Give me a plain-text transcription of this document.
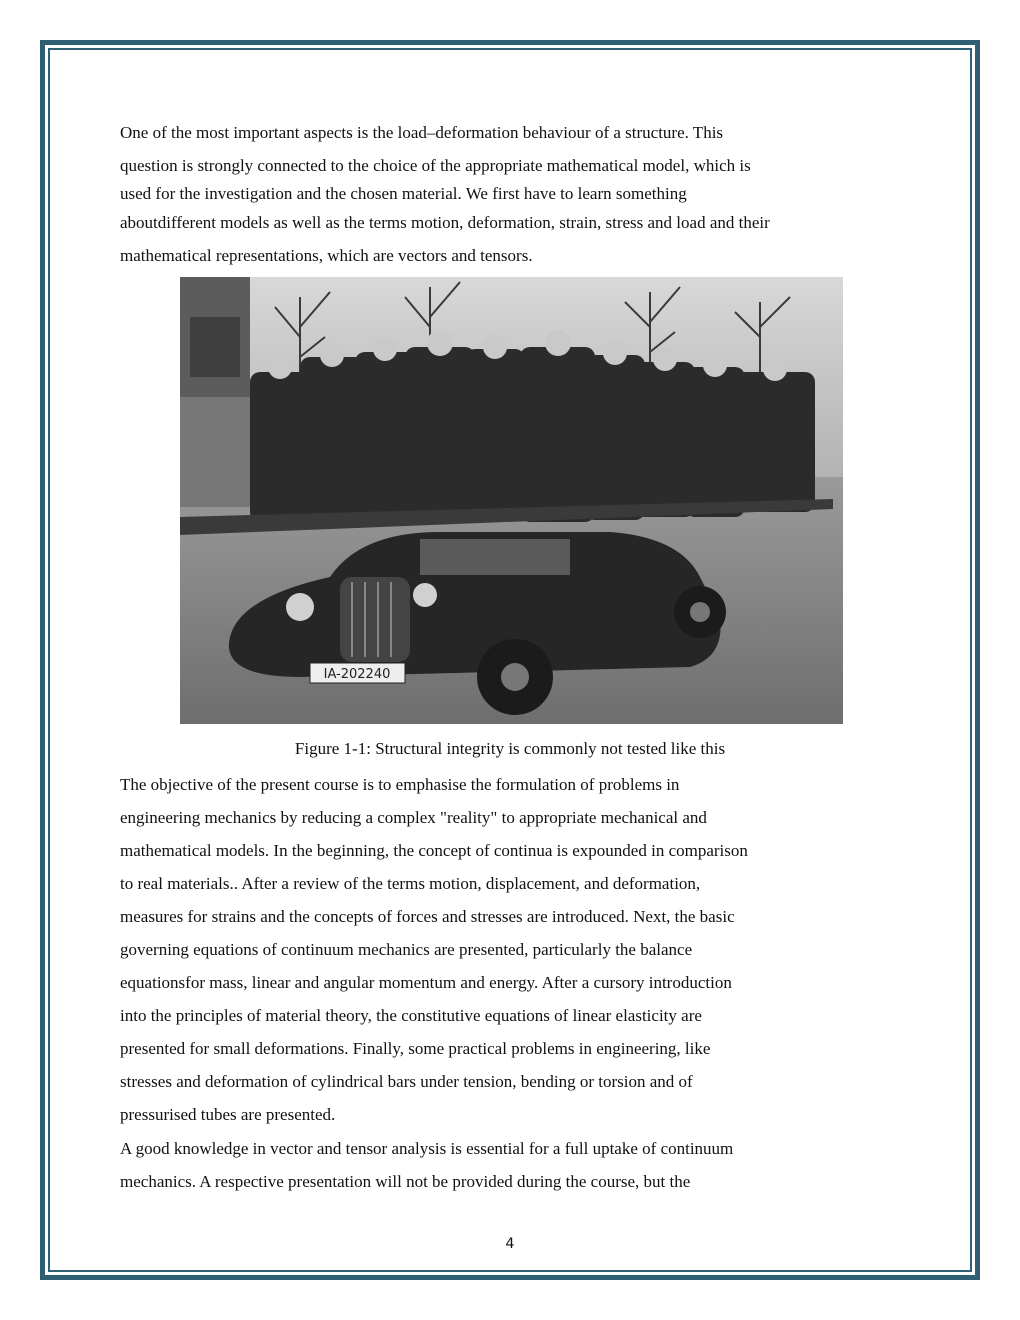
One of the most important aspects is the load–deformation behaviour of a structure. This
question is strongly connected to the choice of the appropriate mathematical model, which is
used for the investigation and the chosen material. We first have to learn something
aboutdifferent models as well as the terms motion, deformation, strain, stress and load and their
mathematical representations, which are vectors and tensors.

IA-202240
Figure 1-1: Structural integrity is commonly not tested like this

The objective of the present course is to emphasise the formulation of problems in
engineering mechanics by reducing a complex "reality" to appropriate mechanical and
mathematical models. In the beginning, the concept of continua is expounded in comparison
to real materials.. After a review of the terms motion, displacement, and deformation,
measures for strains and the concepts of forces and stresses are introduced. Next, the basic
governing equations of continuum mechanics are presented, particularly the balance
equationsfor mass, linear and angular momentum and energy. After a cursory introduction
into the principles of material theory, the constitutive equations of linear elasticity are
presented for small deformations. Finally, some practical problems in engineering, like
stresses and deformation of cylindrical bars under tension, bending or torsion and of
pressurised tubes are presented.

A good knowledge in vector and tensor analysis is essential for a full uptake of continuum
mechanics. A respective presentation will not be provided during the course, but the

4
